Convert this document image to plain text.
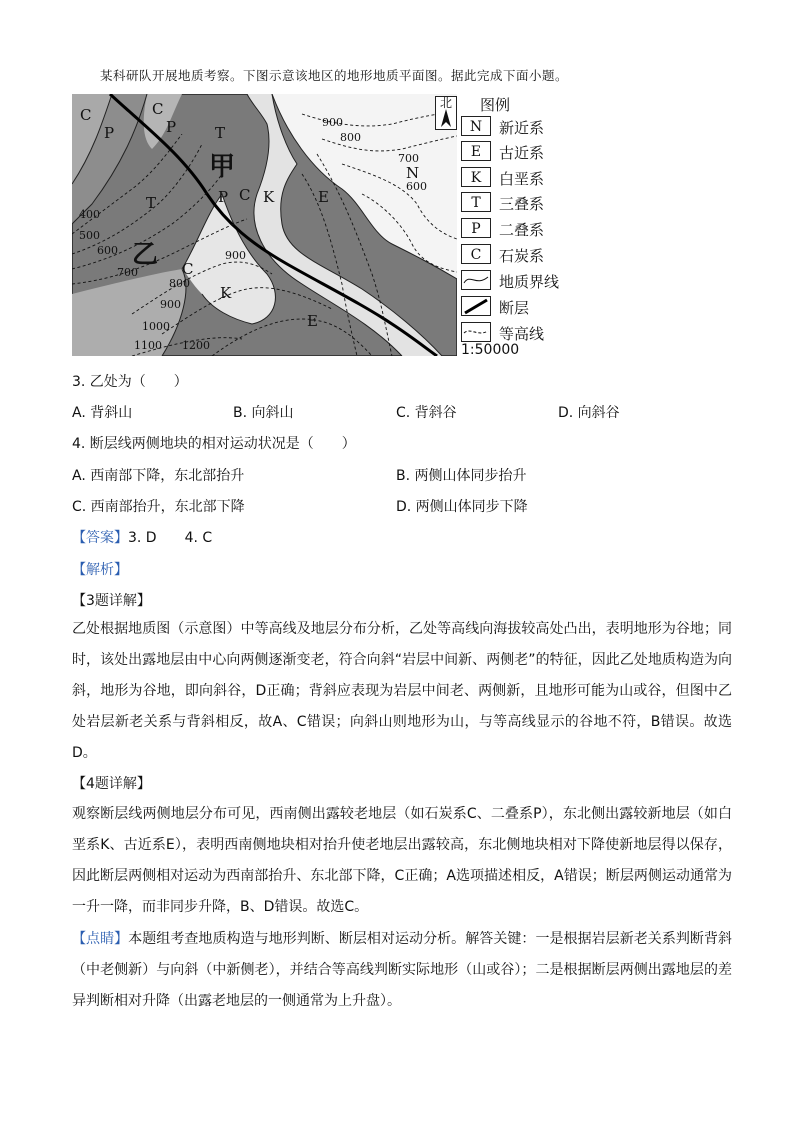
某科研队开展地质考察。下图示意该地区的地形地质平面图。据此完成下面小题。
C
P
C
P	T
甲
T	P C K	E
N
乙 C
K
E
900
800
700
600
400
500
600
700
800
900
900
1000
1100 1200
北 图例
N	新近系
E	古近系
K	白垩系
T	三叠系
P	二叠系
C	石炭系
地质界线
断层
等高线
1:50000
3. 乙处为（　　）
A. 背斜山	B. 向斜山	C. 背斜谷	D. 向斜谷
4. 断层线两侧地块的相对运动状况是（　　）
A. 西南部下降，东北部抬升	B. 两侧山体同步抬升
C. 西南部抬升，东北部下降	D. 两侧山体同步下降
【答案】3. D　　4. C
【解析】
【3题详解】
乙处根据地质图（示意图）中等高线及地层分布分析，乙处等高线向海拔较高处凸出，表明地形为谷地；同时，该处出露地层由中心向两侧逐渐变老，符合向斜“岩层中间新、两侧老”的特征，因此乙处地质构造为向斜，地形为谷地，即向斜谷，D正确；背斜应表现为岩层中间老、两侧新，且地形可能为山或谷，但图中乙处岩层新老关系与背斜相反，故A、C错误；向斜山则地形为山，与等高线显示的谷地不符，B错误。故选D。
【4题详解】
观察断层线两侧地层分布可见，西南侧出露较老地层（如石炭系C、二叠系P），东北侧出露较新地层（如白垩系K、古近系E），表明西南侧地块相对抬升使老地层出露较高，东北侧地块相对下降使新地层得以保存，因此断层两侧相对运动为西南部抬升、东北部下降，C正确；A选项描述相反，A错误；断层两侧运动通常为一升一降，而非同步升降，B、D错误。故选C。
【点睛】本题组考查地质构造与地形判断、断层相对运动分析。解答关键：一是根据岩层新老关系判断背斜（中老侧新）与向斜（中新侧老），并结合等高线判断实际地形（山或谷）；二是根据断层两侧出露地层的差异判断相对升降（出露老地层的一侧通常为上升盘）。
